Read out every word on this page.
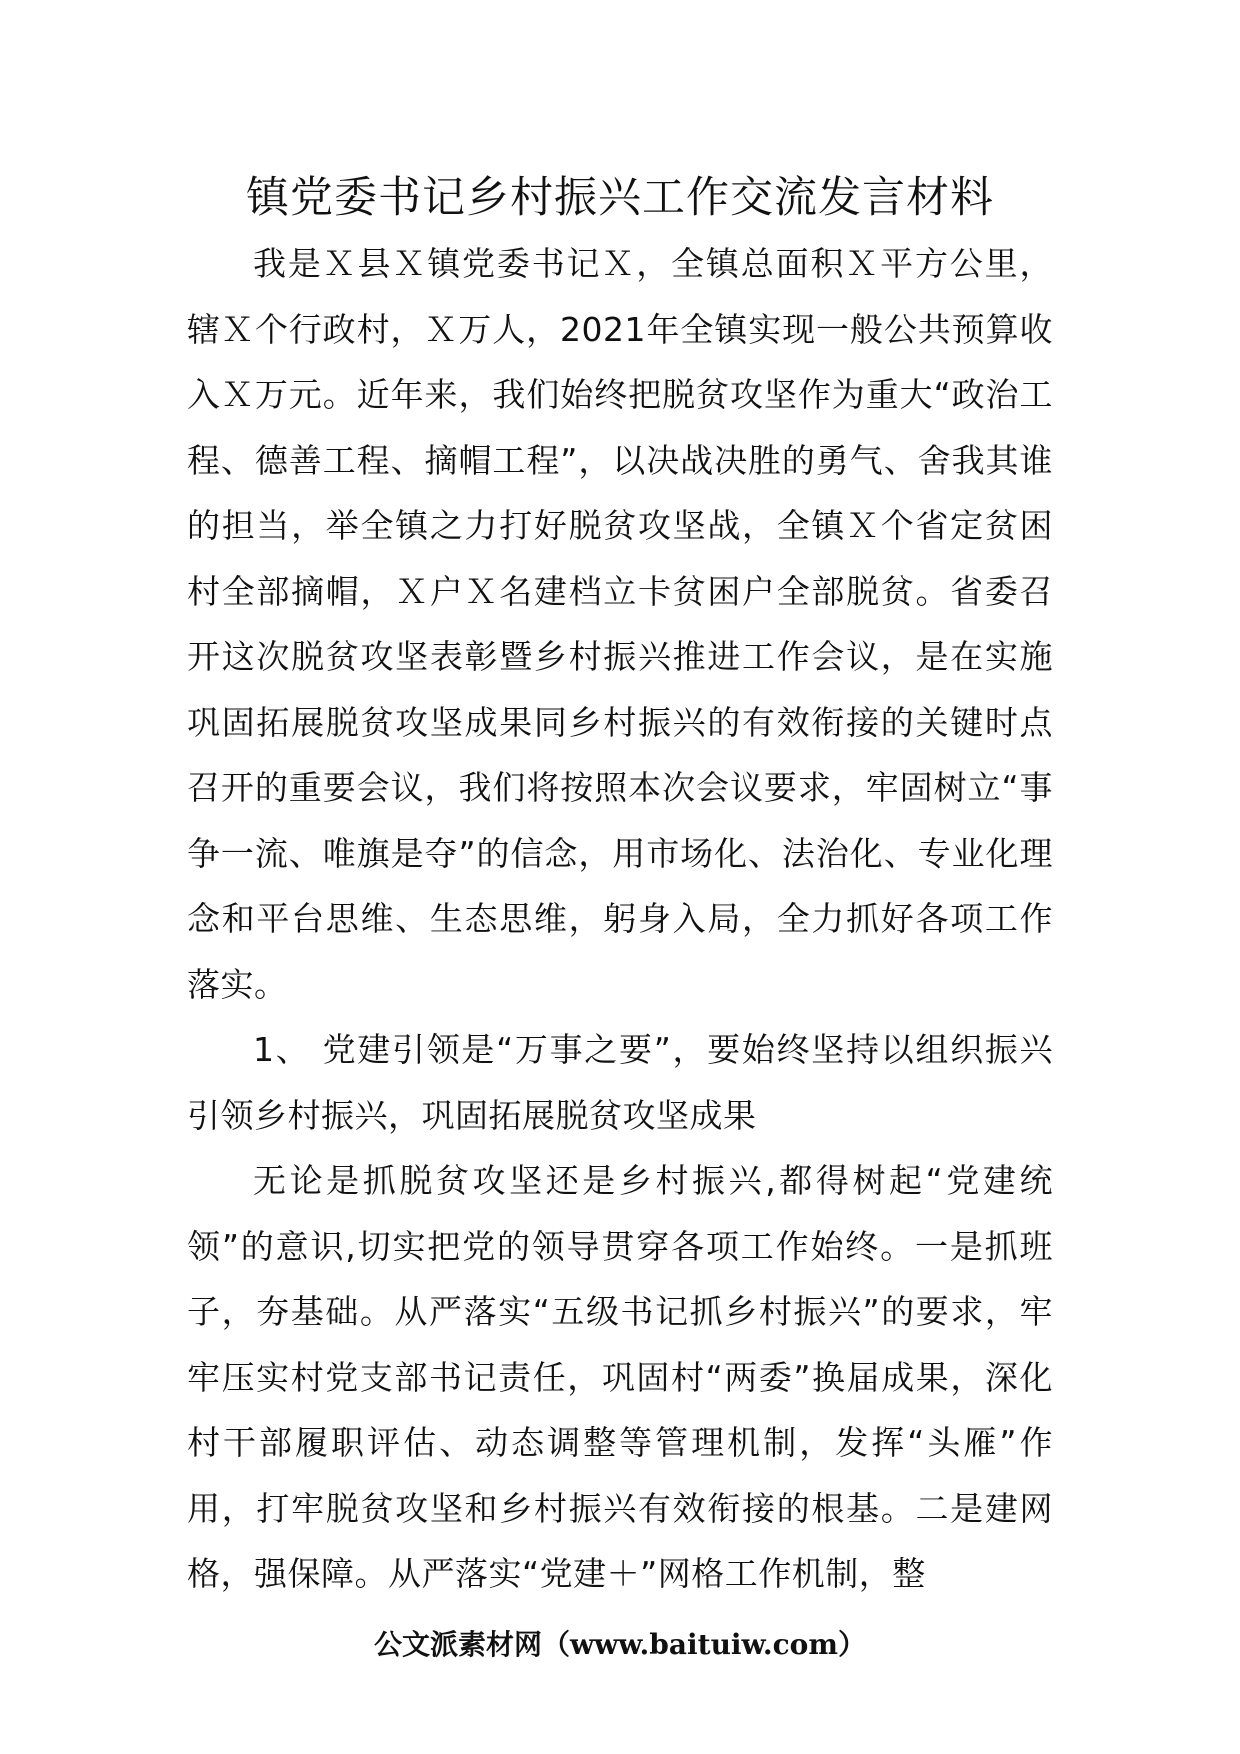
镇党委书记乡村振兴工作交流发言材料

我是Ｘ县Ｘ镇党委书记Ｘ，全镇总面积Ｘ平方公里，辖Ｘ个行政村，Ｘ万人，2021年全镇实现一般公共预算收入Ｘ万元。近年来，我们始终把脱贫攻坚作为重大“政治工程、德善工程、摘帽工程”，以决战决胜的勇气、舍我其谁的担当，举全镇之力打好脱贫攻坚战，全镇Ｘ个省定贫困村全部摘帽，Ｘ户Ｘ名建档立卡贫困户全部脱贫。省委召开这次脱贫攻坚表彰暨乡村振兴推进工作会议，是在实施巩固拓展脱贫攻坚成果同乡村振兴的有效衔接的关键时点召开的重要会议，我们将按照本次会议要求，牢固树立“事争一流、唯旗是夺”的信念，用市场化、法治化、专业化理念和平台思维、生态思维，躬身入局，全力抓好各项工作落实。

1、 党建引领是“万事之要”，要始终坚持以组织振兴引领乡村振兴，巩固拓展脱贫攻坚成果

无论是抓脱贫攻坚还是乡村振兴,都得树起“党建统领”的意识,切实把党的领导贯穿各项工作始终。一是抓班子，夯基础。从严落实“五级书记抓乡村振兴”的要求，牢牢压实村党支部书记责任，巩固村“两委”换届成果，深化村干部履职评估、动态调整等管理机制，发挥“头雁”作用，打牢脱贫攻坚和乡村振兴有效衔接的根基。二是建网格，强保障。从严落实“党建＋”网格工作机制，整

公文派素材网（www.baituiw.com）
